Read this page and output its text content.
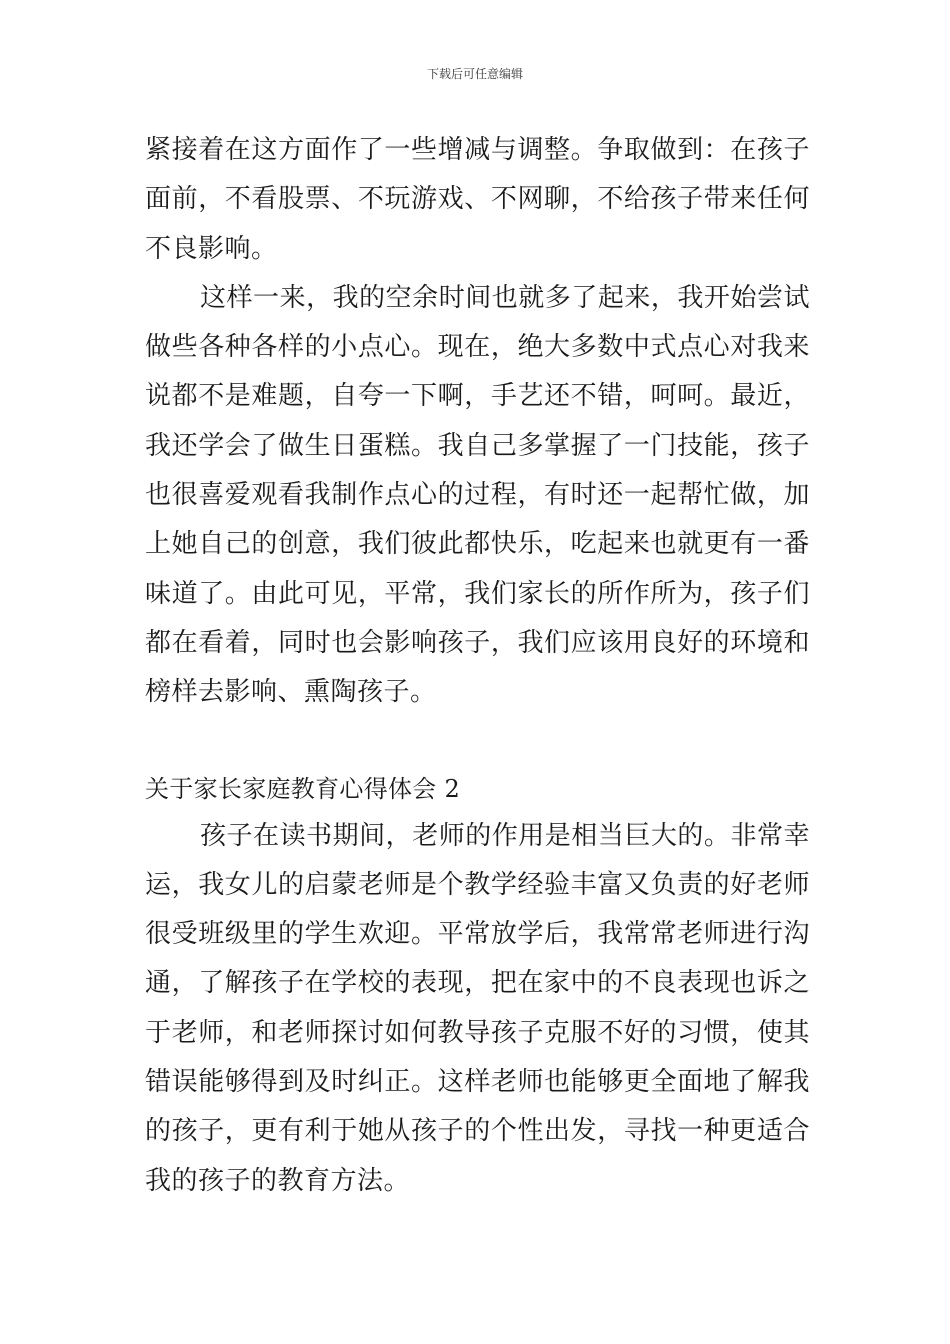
下载后可任意编辑

紧接着在这方面作了一些增减与调整。争取做到：在孩子面前，不看股票、不玩游戏、不网聊，不给孩子带来任何不良影响。

这样一来，我的空余时间也就多了起来，我开始尝试做些各种各样的小点心。现在，绝大多数中式点心对我来说都不是难题，自夸一下啊，手艺还不错，呵呵。最近，我还学会了做生日蛋糕。我自己多掌握了一门技能，孩子也很喜爱观看我制作点心的过程，有时还一起帮忙做，加上她自己的创意，我们彼此都快乐，吃起来也就更有一番味道了。由此可见，平常，我们家长的所作所为，孩子们都在看着，同时也会影响孩子，我们应该用良好的环境和榜样去影响、熏陶孩子。

关于家长家庭教育心得体会 2

孩子在读书期间，老师的作用是相当巨大的。非常幸运，我女儿的启蒙老师是个教学经验丰富又负责的好老师很受班级里的学生欢迎。平常放学后，我常常老师进行沟通，了解孩子在学校的表现，把在家中的不良表现也诉之于老师，和老师探讨如何教导孩子克服不好的习惯，使其错误能够得到及时纠正。这样老师也能够更全面地了解我的孩子，更有利于她从孩子的个性出发，寻找一种更适合我的孩子的教育方法。
